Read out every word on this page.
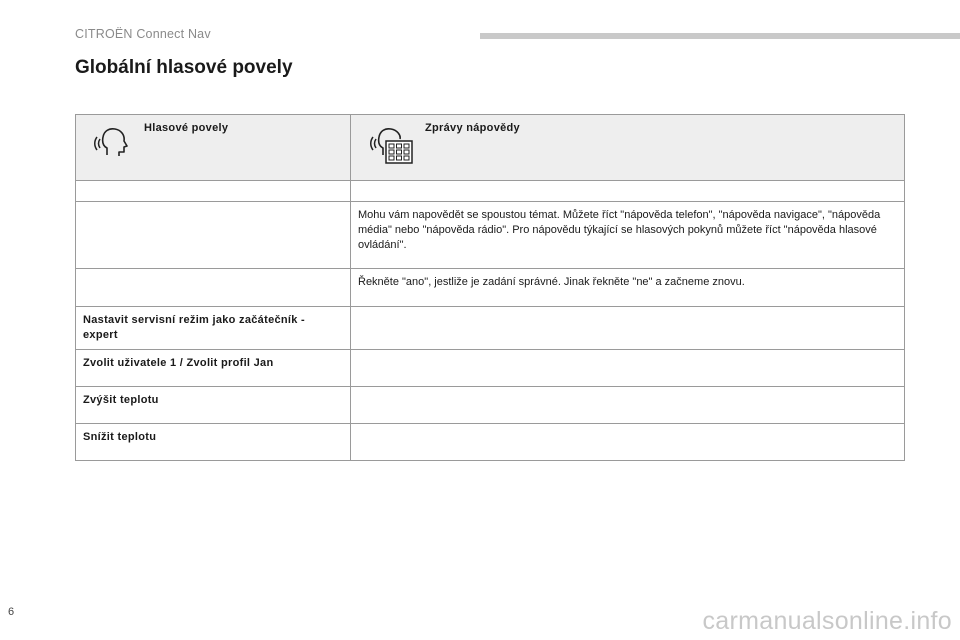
CITROËN Connect Nav
Globální hlasové povely
Hlasové povely	Zprávy nápovědy

	Mohu vám napovědět se spoustou témat. Můžete říct "nápověda telefon", "nápověda navigace", "nápověda média" nebo "nápověda rádio". Pro nápovědu týkající se hlasových pokynů můžete říct "nápověda hlasové ovládání".
	Řekněte "ano", jestliže je zadání správné. Jinak řekněte "ne" a začneme znovu.
Nastavit servisní režim jako začátečník - expert	
Zvolit uživatele 1 / Zvolit profil Jan	
Zvýšit teplotu	
Snížit teplotu	
6	carmanualsonline.info
